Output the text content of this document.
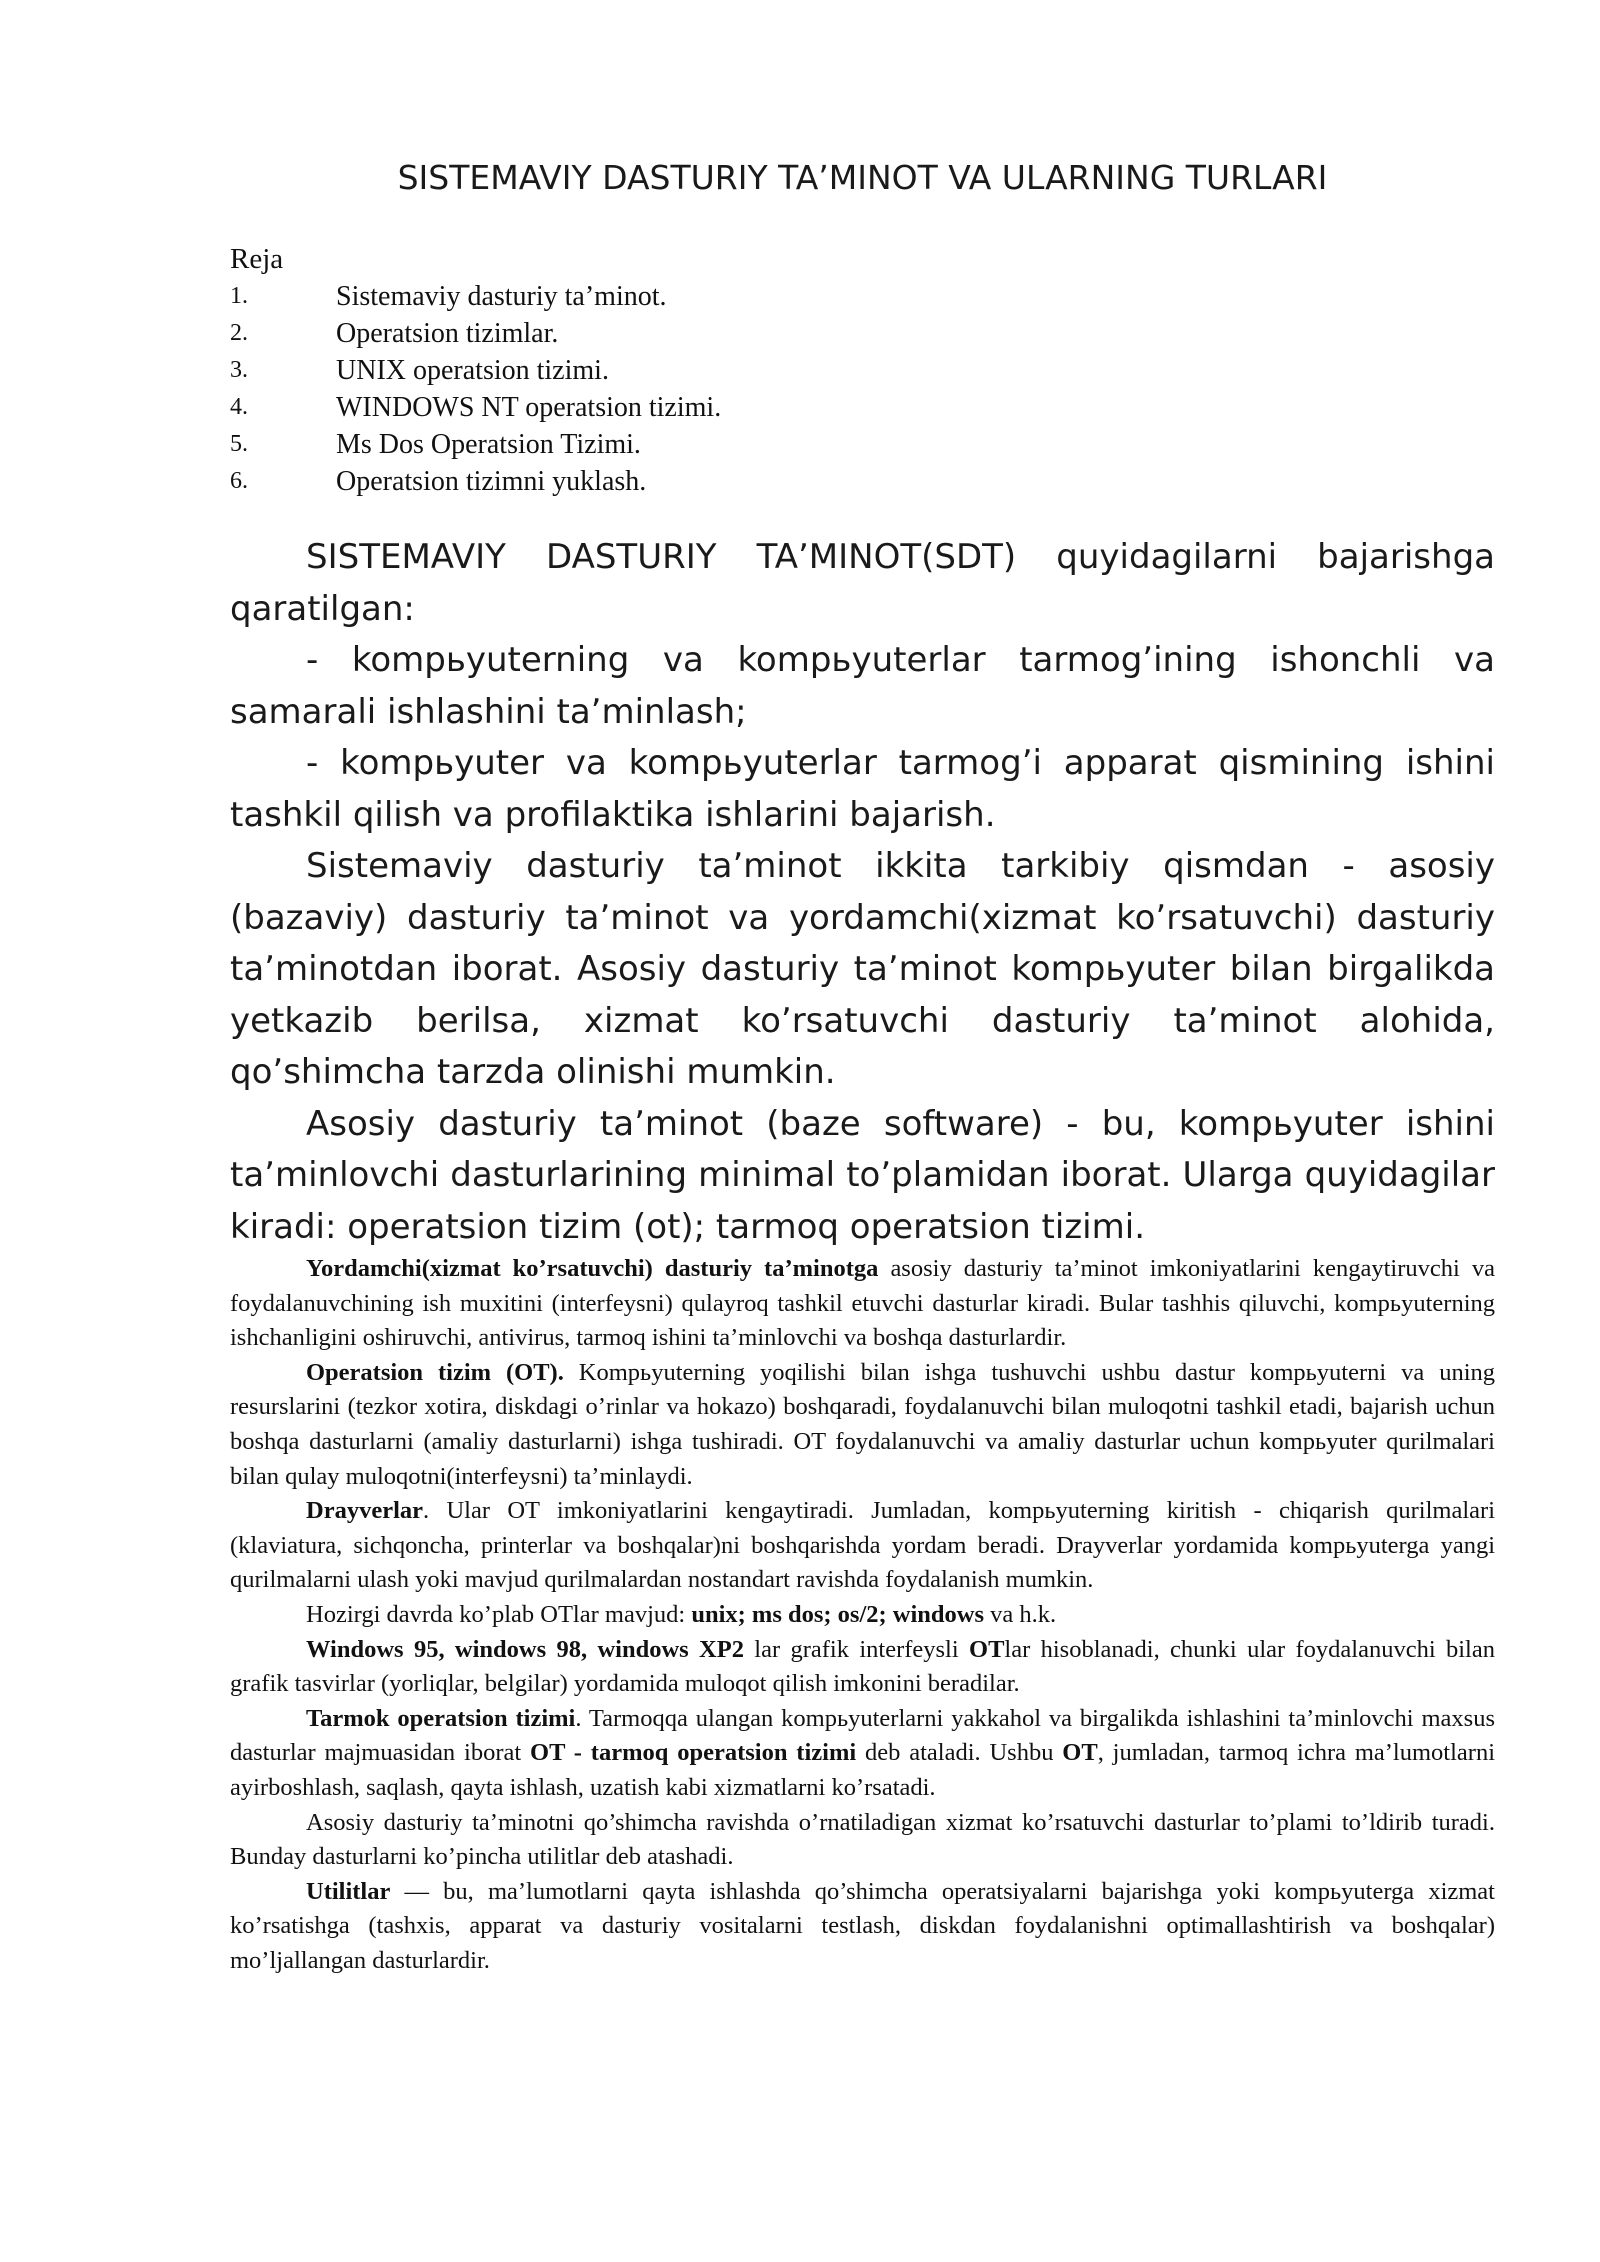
SISTEMAVIY DASTURIY TA’MINOT VA ULARNING TURLARI
Reja
1.	Sistemaviy dasturiy ta’minot.
2.	Operatsion tizimlar.
3.	UNIX operatsion tizimi.
4.	WINDOWS NT operatsion tizimi.
5.	Ms Dos Operatsion Tizimi.
6.	Operatsion tizimni yuklash.

SISTEMAVIY DASTURIY TA’MINOT(SDT) quyidagilarni bajarishga qaratilgan:

- kompьyuterning va kompьyuterlar tarmog’ining ishonchli va samarali ishlashini ta’minlash;

- kompьyuter va kompьyuterlar tarmog’i apparat qismining ishini tashkil qilish va profilaktika ishlarini bajarish.

Sistemaviy dasturiy ta’minot ikkita tarkibiy qismdan - asosiy (bazaviy) dasturiy ta’minot va yordamchi(xizmat ko’rsatuvchi) dasturiy ta’minotdan iborat. Asosiy dasturiy ta’minot kompьyuter bilan birgalikda yetkazib berilsa, xizmat ko’rsatuvchi dasturiy ta’minot alohida, qo’shimcha tarzda olinishi mumkin.

Asosiy dasturiy ta’minot (baze software) - bu, kompьyuter ishini ta’minlovchi dasturlarining minimal to’plamidan iborat. Ularga quyidagilar kiradi: operatsion tizim (ot); tarmoq operatsion tizimi.

Yordamchi(xizmat ko’rsatuvchi) dasturiy ta’minotga asosiy dasturiy ta’minot imkoniyatlarini kengaytiruvchi va foydalanuvchining ish muxitini (interfeysni) qulayroq tashkil etuvchi dasturlar kiradi. Bular tashhis qiluvchi, kompьyuterning ishchanligini oshiruvchi, antivirus, tarmoq ishini ta’minlovchi va boshqa dasturlardir.

Operatsion tizim (OT). Kompьyuterning yoqilishi bilan ishga tushuvchi ushbu dastur kompьyuterni va uning resurslarini (tezkor xotira, diskdagi o’rinlar va hokazo) boshqaradi, foydalanuvchi bilan muloqotni tashkil etadi, bajarish uchun boshqa dasturlarni (amaliy dasturlarni) ishga tushiradi. OT foydalanuvchi va amaliy dasturlar uchun kompьyuter qurilmalari bilan qulay muloqotni(interfeysni) ta’minlaydi.

Drayverlar. Ular OT imkoniyatlarini kengaytiradi. Jumladan, kompьyuterning kiritish - chiqarish qurilmalari (klaviatura, sichqoncha, printerlar va boshqalar)ni boshqarishda yordam beradi. Drayverlar yordamida kompьyuterga yangi qurilmalarni ulash yoki mavjud qurilmalardan nostandart ravishda foydalanish mumkin.

Hozirgi davrda ko’plab OTlar mavjud: unix; ms dos; os/2; windows va h.k.

Windows 95, windows 98, windows XP2 lar grafik interfeysli OTlar hisoblanadi, chunki ular foydalanuvchi bilan grafik tasvirlar (yorliqlar, belgilar) yordamida muloqot qilish imkonini beradilar.

Tarmok operatsion tizimi. Tarmoqqa ulangan kompьyuterlarni yakkahol va birgalikda ishlashini ta’minlovchi maxsus dasturlar majmuasidan iborat OT - tarmoq operatsion tizimi deb ataladi. Ushbu OT, jumladan, tarmoq ichra ma’lumotlarni ayirboshlash, saqlash, qayta ishlash, uzatish kabi xizmatlarni ko’rsatadi.

Asosiy dasturiy ta’minotni qo’shimcha ravishda o’rnatiladigan xizmat ko’rsatuvchi dasturlar to’plami to’ldirib turadi. Bunday dasturlarni ko’pincha utilitlar deb atashadi.

Utilitlar — bu, ma’lumotlarni qayta ishlashda qo’shimcha operatsiyalarni bajarishga yoki kompьyuterga xizmat ko’rsatishga (tashxis, apparat va dasturiy vositalarni testlash, diskdan foydalanishni optimallashtirish va boshqalar) mo’ljallangan dasturlardir.
